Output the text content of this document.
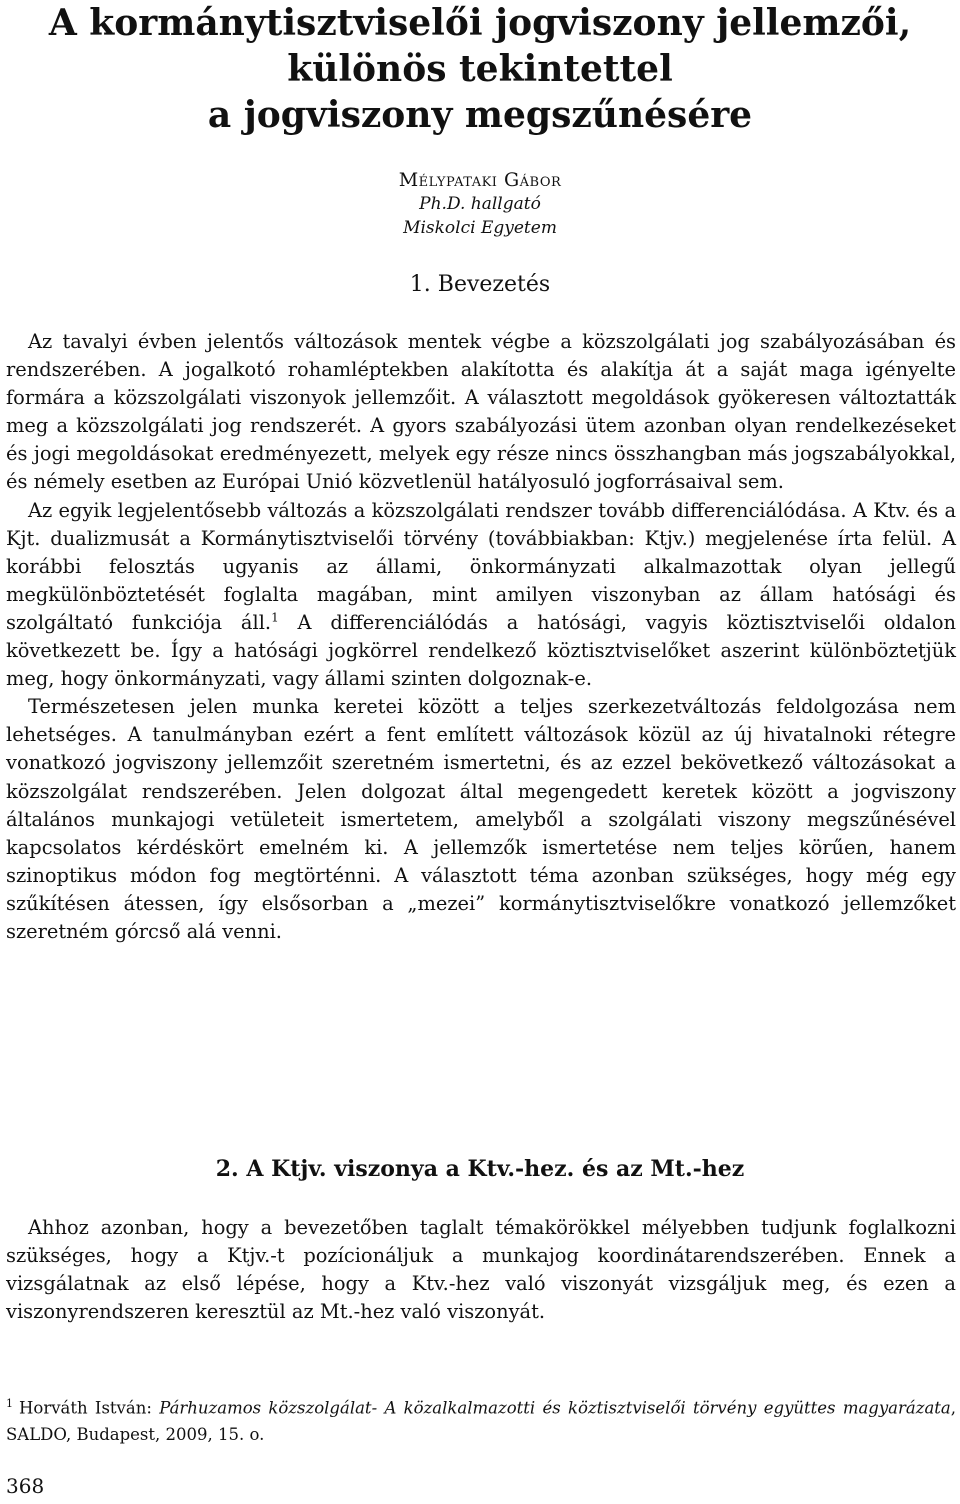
A kormánytisztviselői jogviszony jellemzői,
különös tekintettel
a jogviszony megszűnésére
Mélypataki Gábor
Ph.D. hallgató
Miskolci Egyetem
1. Bevezetés

Az tavalyi évben jelentős változások mentek végbe a közszolgálati jog szabályozásában és rendszerében. A jogalkotó rohamléptekben alakította és alakítja át a saját maga igényelte formára a közszolgálati viszonyok jellemzőit. A választott megoldások gyökeresen változtatták meg a közszolgálati jog rendszerét. A gyors szabályozási ütem azonban olyan rendelkezéseket és jogi megoldásokat eredményezett, melyek egy része nincs összhangban más jogszabályokkal, és némely esetben az Európai Unió közvetlenül hatályosuló jogforrásaival sem.

Az egyik legjelentősebb változás a közszolgálati rendszer tovább differenciálódása. A Ktv. és a Kjt. dualizmusát a Kormánytisztviselői törvény (továbbiakban: Ktjv.) megjelenése írta felül. A korábbi felosztás ugyanis az állami, önkormányzati alkalmazottak olyan jellegű megkülönböztetését foglalta magában, mint amilyen viszonyban az állam hatósági és szolgáltató funkciója áll.$^1$ A differenciálódás a hatósági, vagyis köztisztviselői oldalon következett be. Így a hatósági jogkörrel rendelkező köztisztviselőket aszerint különböztetjük meg, hogy önkormányzati, vagy állami szinten dolgoznak-e.

Természetesen jelen munka keretei között a teljes szerkezetváltozás feldolgozása nem lehetséges. A tanulmányban ezért a fent említett változások közül az új hivatalnoki rétegre vonatkozó jogviszony jellemzőit szeretném ismertetni, és az ezzel bekövetkező változásokat a közszolgálat rendszerében. Jelen dolgozat által megengedett keretek között a jogviszony általános munkajogi vetületeit ismertetem, amelyből a szolgálati viszony megszűnésével kapcsolatos kérdéskört emelném ki. A jellemzők ismertetése nem teljes körűen, hanem szinoptikus módon fog megtörténni. A választott téma azonban szükséges, hogy még egy szűkítésen átessen, így elsősorban a „mezei” kormánytisztviselőkre vonatkozó jellemzőket szeretném górcső alá venni.

2. A Ktjv. viszonya a Ktv.-hez. és az Mt.-hez

Ahhoz azonban, hogy a bevezetőben taglalt témakörökkel mélyebben tudjunk foglalkozni szükséges, hogy a Ktjv.-t pozícionáljuk a munkajog koordinátarendszerében. Ennek a vizsgálatnak az első lépése, hogy a Ktv.-hez való viszonyát vizsgáljuk meg, és ezen a viszonyrendszeren keresztül az Mt.-hez való viszonyát.

$^1$ Horváth István: Párhuzamos közszolgálat- A közalkalmazotti és köztisztviselői törvény együttes magyarázata, SALDO, Budapest, 2009, 15. o.
368
